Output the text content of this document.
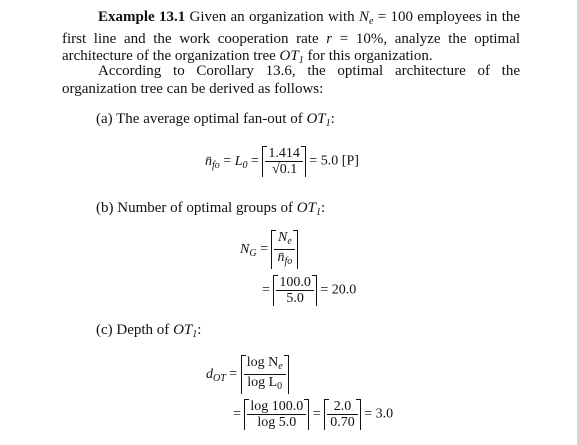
Example 13.1 Given an organization with $N_e = 100$ employees in the first line and the work cooperation rate r = 10%, analyze the optimal architecture of the organization tree $OT_1$ for this organization.
According to Corollary 13.6, the optimal architecture of the organization tree can be derived as follows:
(a) The average optimal fan-out of $OT_1$:
$n̄_{fo} = L_0 = \frac{1.414}{√0.1} = 5.0$ [P]
(b) Number of optimal groups of $OT_1$:
$N_G = \frac{N_e}{n̄_{fo}}$
= $\frac{100.0}{5.0} = 20.0$
(c) Depth of $OT_1$:
$d_{OT} = \frac{\log N_e}{\log L_0}$
= $\frac{\log 100.0}{\log 5.0} = \frac{2.0}{0.70} = 3.0$
